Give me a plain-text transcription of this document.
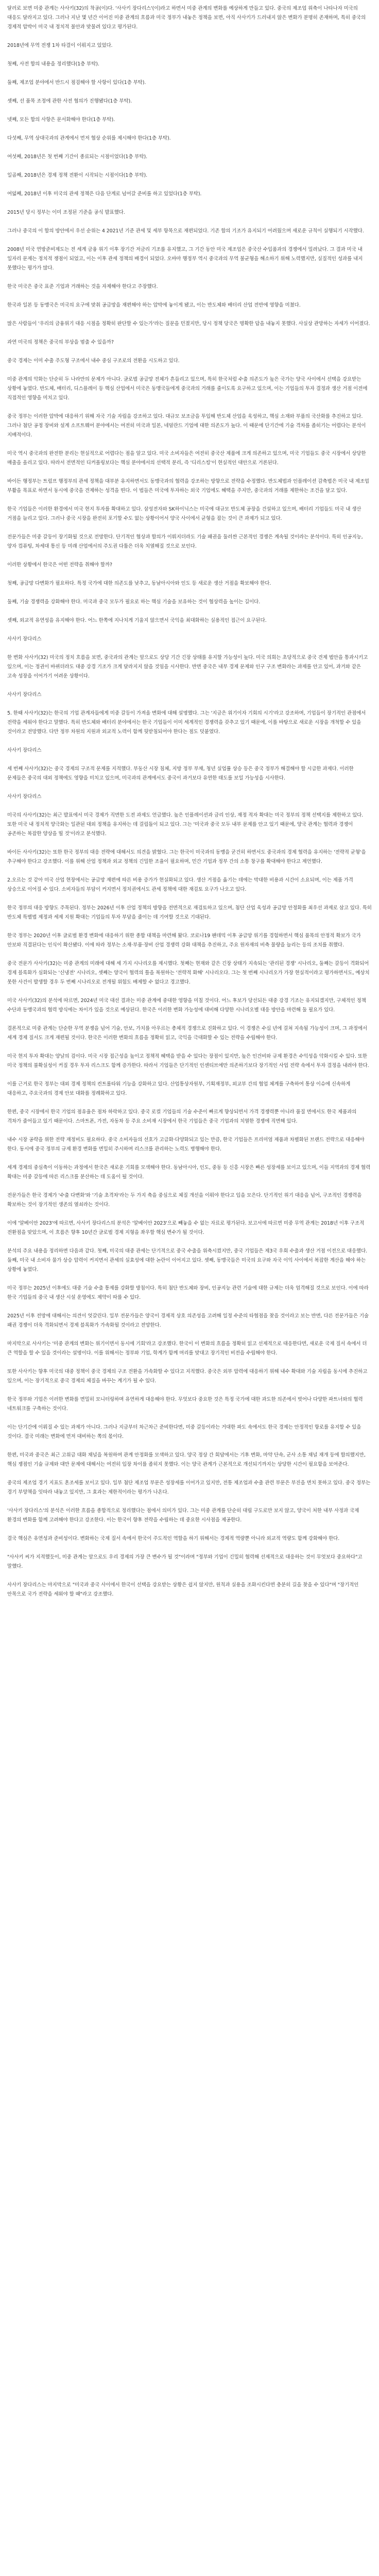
달러로 보면 미중 관계는 사사키(32)의 착공(이)다. '사사키 장다리스'(이)라고 하면서 미중 관계의 변화를 예상하게 만들고 있다. 중국의 제조업 위축이 나타나자 미국의 대응도 달라지고 있다. 그러나 지난 몇 년간 이어진 미중 관계의 흐름과 미국 정부가 내놓은 정책을 보면, 아직 사사키가 드러내지 않은 변화가 분명히 존재하며, 특히 중국의 경제적 압박이 미국 내 정치적 불안과 맞물려 있다고 평가된다.

2018년에 무역 전쟁 1차 타결이 이뤄지고 있었다.

첫째, 사전 합의 내용을 정리했다(1층 부탁).

둘째, 제조업 분야에서 반드시 점검해야 할 사항이 있다(1층 부탁).

셋째, 선 품목 조정에 관한 사전 협의가 진행됐다(1층 부탁).

넷째, 모든 합의 사항은 문서화해야 한다(1층 부탁).

다섯째, 무역 상대국과의 관계에서 먼저 협상 순위를 제시해야 한다(1층 부탁).

여섯째, 2018년은 첫 번째 기간이 종료되는 시점이었다(1층 부탁).

일곱째, 2018년은 경제 정책 전환이 시작되는 시점이다(1층 부탁).

여덟째, 2018년 이후 미국의 관세 정책은 다음 단계로 넘어갈 준비를 하고 있었다(1층 부탁).

2015년 당시 정부는 이미 조정된 기준을 공식 발표했다.

그러나 중국의 이 합의 방안에서 우선 순위는 4 2021년 기준 관세 및 세부 항목으로 재편되었다. 기존 합의 기조가 유지되기 어려웠으며 새로운 규칙이 실행되기 시작했다.

2008년 미국 연방준비제도는 전 세계 금융 위기 이후 장기간 저금리 기조를 유지했고, 그 기간 동안 미국 제조업은 중국산 수입품과의 경쟁에서 밀려났다. 그 결과 미국 내 일자리 문제는 정치적 쟁점이 되었고, 이는 이후 관세 정책의 배경이 되었다. 오바마 행정부 역시 중국과의 무역 불균형을 해소하기 위해 노력했지만, 실질적인 성과를 내지 못했다는 평가가 많다.

한국 미국은 중국 표준 기업과 거래하는 것을 자제해야 한다고 주장했다.

한국과 일본 등 동맹국은 미국의 요구에 맞춰 공급망을 재편해야 하는 압박에 놓이게 됐고, 이는 반도체와 배터리 산업 전반에 영향을 미쳤다.

많은 사람들이 '우리의 금융위기 대응 시점을 정확히 판단할 수 있는가'라는 질문을 던졌지만, 당시 정책 당국은 명확한 답을 내놓지 못했다. 사실상 관망하는 자세가 이어졌다.

과연 미국의 정책은 중국의 부상을 멈출 수 있을까?

중국 경제는 이미 수출 주도형 구조에서 내수 중심 구조로의 전환을 시도하고 있다.

미중 관계의 악화는 단순히 두 나라만의 문제가 아니다. 글로벌 공급망 전체가 흔들리고 있으며, 특히 한국처럼 수출 의존도가 높은 국가는 양국 사이에서 선택을 강요받는 상황에 놓였다. 반도체, 배터리, 디스플레이 등 핵심 산업에서 미국은 동맹국들에게 중국과의 거래를 줄이도록 요구하고 있으며, 이는 기업들의 투자 결정과 생산 거점 이전에 직접적인 영향을 미치고 있다.

중국 정부는 이러한 압박에 대응하기 위해 자국 기술 자립을 강조하고 있다. 대규모 보조금을 투입해 반도체 산업을 육성하고, 핵심 소재와 부품의 국산화를 추진하고 있다. 그러나 첨단 공정 장비와 설계 소프트웨어 분야에서는 여전히 미국과 일본, 네덜란드 기업에 대한 의존도가 높다. 이 때문에 단기간에 기술 격차를 좁히기는 어렵다는 분석이 지배적이다.

미국 역시 중국과의 완전한 분리는 현실적으로 어렵다는 점을 알고 있다. 미국 소비자들은 여전히 중국산 제품에 크게 의존하고 있으며, 미국 기업들도 중국 시장에서 상당한 매출을 올리고 있다. 따라서 전면적인 디커플링보다는 핵심 분야에서의 선택적 분리, 즉 '디리스킹'이 현실적인 대안으로 거론된다.

바이든 행정부는 트럼프 행정부의 관세 정책을 대부분 유지하면서도 동맹국과의 협력을 강조하는 방향으로 전략을 수정했다. 반도체법과 인플레이션 감축법은 미국 내 제조업 부활을 목표로 하면서 동시에 중국을 견제하는 성격을 띤다. 이 법들은 미국에 투자하는 외국 기업에도 혜택을 주지만, 중국과의 거래를 제한하는 조건을 달고 있다.

한국 기업들은 이러한 환경에서 미국 현지 투자를 확대하고 있다. 삼성전자와 SK하이닉스는 미국에 대규모 반도체 공장을 건설하고 있으며, 배터리 기업들도 미국 내 생산 거점을 늘리고 있다. 그러나 중국 시장을 완전히 포기할 수도 없는 상황이어서 양국 사이에서 균형을 잡는 것이 큰 과제가 되고 있다.

전문가들은 미중 갈등이 장기화될 것으로 전망한다. 단기적인 협상과 합의가 이뤄지더라도 기술 패권을 둘러싼 근본적인 경쟁은 계속될 것이라는 분석이다. 특히 인공지능, 양자 컴퓨팅, 차세대 통신 등 미래 산업에서의 주도권 다툼은 더욱 치열해질 것으로 보인다.

이러한 상황에서 한국은 어떤 전략을 취해야 할까?

첫째, 공급망 다변화가 필요하다. 특정 국가에 대한 의존도를 낮추고, 동남아시아와 인도 등 새로운 생산 거점을 확보해야 한다.

둘째, 기술 경쟁력을 강화해야 한다. 미국과 중국 모두가 필요로 하는 핵심 기술을 보유하는 것이 협상력을 높이는 길이다.

셋째, 외교적 유연성을 유지해야 한다. 어느 한쪽에 지나치게 기울지 않으면서 국익을 최대화하는 실용적인 접근이 요구된다.

사사키 장다리스

한 변화 사사키(32) 미국의 정치 흐름을 보면, 중국과의 관계는 앞으로도 상당 기간 긴장 상태를 유지할 가능성이 높다. 미국 의회는 초당적으로 중국 견제 법안을 통과시키고 있으며, 이는 정권이 바뀌더라도 대중 강경 기조가 크게 달라지지 않을 것임을 시사한다. 반면 중국은 내부 경제 문제와 인구 구조 변화라는 과제를 안고 있어, 과거와 같은 고속 성장을 이어가기 어려운 상황이다.

사사키 장다리스

5. 한때 사사키(32)는 한국의 기업 관계자들에게 미중 갈등이 가져올 변화에 대해 설명했다. 그는 '지금은 위기이자 기회의 시기'라고 강조하며, 기업들이 장기적인 관점에서 전략을 세워야 한다고 말했다. 특히 반도체와 배터리 분야에서는 한국 기업들이 이미 세계적인 경쟁력을 갖추고 있기 때문에, 이를 바탕으로 새로운 시장을 개척할 수 있을 것이라고 전망했다. 다만 정부 차원의 지원과 외교적 노력이 함께 뒷받침되어야 한다는 점도 덧붙였다.

사사키 장다리스

세 번째 사사키(32)는 중국 경제의 구조적 문제를 지적했다. 부동산 시장 침체, 지방 정부 부채, 청년 실업률 상승 등은 중국 정부가 해결해야 할 시급한 과제다. 이러한 문제들은 중국의 대외 정책에도 영향을 미치고 있으며, 미국과의 관계에서도 중국이 과거보다 유연한 태도를 보일 가능성을 시사한다.

사사키 장다리스

미국의 사사키(32)는 최근 발표에서 미국 경제가 직면한 도전 과제도 언급했다. 높은 인플레이션과 금리 인상, 재정 적자 확대는 미국 정부의 정책 선택지를 제한하고 있다. 또한 미국 내 정치적 양극화는 일관된 대외 정책을 유지하는 데 걸림돌이 되고 있다. 그는 '미국과 중국 모두 내부 문제를 안고 있기 때문에, 양국 관계는 협력과 경쟁이 공존하는 복잡한 양상을 띨 것'이라고 분석했다.

바이든 사사키(32)는 또한 한국 정부의 대응 전략에 대해서도 의견을 밝혔다. 그는 한국이 미국과의 동맹을 굳건히 하면서도 중국과의 경제 협력을 유지하는 '전략적 균형'을 추구해야 한다고 강조했다. 이를 위해 산업 정책과 외교 정책의 긴밀한 조율이 필요하며, 민간 기업과 정부 간의 소통 창구를 확대해야 한다고 제언했다.

2.오르는 것 같아 미국 산업 현장에서는 공급망 재편에 따른 비용 증가가 현실화되고 있다. 생산 거점을 옮기는 데에는 막대한 비용과 시간이 소요되며, 이는 제품 가격 상승으로 이어질 수 있다. 소비자들의 부담이 커지면서 정치권에서도 관세 정책에 대한 재검토 요구가 나오고 있다.

한국 정부의 대응 방향도 주목된다. 정부는 2026년 이후 산업 정책의 방향을 전면적으로 재검토하고 있으며, 첨단 산업 육성과 공급망 안정화를 최우선 과제로 삼고 있다. 특히 반도체 특별법 제정과 세제 지원 확대는 기업들의 투자 부담을 줄이는 데 기여할 것으로 기대된다.

한국 정부는 2020년 이후 글로벌 환경 변화에 대응하기 위한 종합 대책을 마련해 왔다. 코로나19 팬데믹 이후 공급망 위기를 경험하면서 핵심 품목의 안정적 확보가 국가 안보와 직결된다는 인식이 확산됐다. 이에 따라 정부는 소재·부품·장비 산업 경쟁력 강화 대책을 추진하고, 주요 원자재의 비축 물량을 늘리는 등의 조치를 취했다.

중국 전문가 사사키(32)는 미중 관계의 미래에 대해 세 가지 시나리오를 제시했다. 첫째는 현재와 같은 긴장 상태가 지속되는 '관리된 경쟁' 시나리오, 둘째는 갈등이 격화되어 경제 블록화가 심화되는 '신냉전' 시나리오, 셋째는 양국이 협력의 틀을 복원하는 '전략적 화해' 시나리오다. 그는 첫 번째 시나리오가 가장 현실적이라고 평가하면서도, 예상치 못한 사건이 발생할 경우 두 번째 시나리오로 전개될 위험도 배제할 수 없다고 경고했다.

미국 사사키(32)의 분석에 따르면, 2024년 미국 대선 결과는 미중 관계에 중대한 영향을 미칠 것이다. 어느 후보가 당선되든 대중 강경 기조는 유지되겠지만, 구체적인 정책 수단과 동맹국과의 협력 방식에는 차이가 있을 것으로 예상된다. 한국은 이러한 변화 가능성에 대비해 다양한 시나리오별 대응 방안을 마련해 둘 필요가 있다.

결론적으로 미중 관계는 단순한 무역 분쟁을 넘어 기술, 안보, 가치를 아우르는 총체적 경쟁으로 진화하고 있다. 이 경쟁은 수십 년에 걸쳐 지속될 가능성이 크며, 그 과정에서 세계 경제 질서도 크게 재편될 것이다. 한국은 이러한 변화의 흐름을 정확히 읽고, 국익을 극대화할 수 있는 전략을 수립해야 한다.

미국 현지 투자 확대는 양날의 검이다. 미국 시장 접근성을 높이고 정책적 혜택을 받을 수 있다는 장점이 있지만, 높은 인건비와 규제 환경은 수익성을 악화시킬 수 있다. 또한 미국 정책의 불확실성이 커질 경우 투자 리스크도 함께 증가한다. 따라서 기업들은 단기적인 인센티브에만 의존하기보다 장기적인 사업 전략 속에서 투자 결정을 내려야 한다.

이를 근거로 한국 정부는 대외 경제 정책의 컨트롤타워 기능을 강화하고 있다. 산업통상자원부, 기획재정부, 외교부 간의 협업 체계를 구축하여 통상 이슈에 신속하게 대응하고, 주요국과의 경제 안보 대화를 정례화하고 있다.

한편, 중국 시장에서 한국 기업의 점유율은 점차 하락하고 있다. 중국 로컬 기업들의 기술 수준이 빠르게 향상되면서 가격 경쟁력뿐 아니라 품질 면에서도 한국 제품과의 격차가 줄어들고 있기 때문이다. 스마트폰, 가전, 자동차 등 주요 소비재 시장에서 한국 기업들은 중국 기업과의 치열한 경쟁에 직면해 있다.

내수 시장 공략을 위한 전략 재정비도 필요하다. 중국 소비자들의 선호가 고급화·다양화되고 있는 만큼, 한국 기업들은 프리미엄 제품과 차별화된 브랜드 전략으로 대응해야 한다. 동시에 중국 정부의 규제 환경 변화를 면밀히 주시하며 리스크를 관리하는 노력도 병행해야 한다.

세계 경제의 중심축이 이동하는 과정에서 한국은 새로운 기회를 모색해야 한다. 동남아시아, 인도, 중동 등 신흥 시장은 빠른 성장세를 보이고 있으며, 이들 지역과의 경제 협력 확대는 미중 갈등에 따른 리스크를 분산하는 데 도움이 될 것이다.

전문가들은 한국 경제가 '수출 다변화'와 '기술 초격차'라는 두 가지 축을 중심으로 체질 개선을 이뤄야 한다고 입을 모은다. 단기적인 위기 대응을 넘어, 구조적인 경쟁력을 확보하는 것이 장기적인 생존의 열쇠라는 것이다.

이에 '알베이안 2023'에 따르면, 사사키 장다리스의 분석은 '알베이안 2023'으로 빼놓을 수 없는 자료로 평가된다. 보고서에 따르면 미중 무역 관계는 2018년 이후 구조적 전환점을 맞았으며, 이 흐름은 향후 10년간 글로벌 경제 지형을 좌우할 핵심 변수가 될 것이다.

분석의 주요 내용을 정리하면 다음과 같다. 첫째, 미국의 대중 관세는 단기적으로 중국 수출을 위축시켰지만, 중국 기업들은 제3국 우회 수출과 생산 거점 이전으로 대응했다. 둘째, 미국 내 소비자 물가 상승 압력이 커지면서 관세의 실효성에 대한 논란이 이어지고 있다. 셋째, 동맹국들은 미국의 요구와 자국 이익 사이에서 복잡한 계산을 해야 하는 상황에 놓였다.

미국 정부는 2025년 이후에도 대중 기술 수출 통제를 강화할 방침이다. 특히 첨단 반도체와 장비, 인공지능 관련 기술에 대한 규제는 더욱 엄격해질 것으로 보인다. 이에 따라 한국 기업들의 중국 내 생산 시설 운영에도 제약이 따를 수 있다.

2025년 이후 전망에 대해서는 의견이 엇갈린다. 일부 전문가들은 양국이 경제적 상호 의존성을 고려해 일정 수준의 타협점을 찾을 것이라고 보는 반면, 다른 전문가들은 기술 패권 경쟁이 더욱 격화되면서 경제 블록화가 가속화될 것이라고 전망한다.

마지막으로 사사키는 '미중 관계의 변화는 위기이면서 동시에 기회'라고 강조했다. 한국이 이 변화의 흐름을 정확히 읽고 선제적으로 대응한다면, 새로운 국제 질서 속에서 더 큰 역할을 할 수 있을 것이라는 설명이다. 이를 위해서는 정부와 기업, 학계가 함께 머리를 맞대고 장기적인 비전을 수립해야 한다.

또한 사사키는 향후 미국의 대중 정책이 중국 경제의 구조 전환을 가속화할 수 있다고 지적했다. 중국은 외부 압력에 대응하기 위해 내수 확대와 기술 자립을 동시에 추진하고 있으며, 이는 장기적으로 중국 경제의 체질을 바꾸는 계기가 될 수 있다.

한국 정부와 기업은 이러한 변화를 면밀히 모니터링하며 유연하게 대응해야 한다. 무엇보다 중요한 것은 특정 국가에 대한 과도한 의존에서 벗어나 다양한 파트너와의 협력 네트워크를 구축하는 것이다.

이는 단기간에 이뤄질 수 있는 과제가 아니다. 그러나 지금부터 차근차근 준비한다면, 미중 갈등이라는 거대한 파도 속에서도 한국 경제는 안정적인 항로를 유지할 수 있을 것이다. 결국 미래는 변화에 먼저 대비하는 쪽의 몫이다.

한편, 미국과 중국은 최근 고위급 대화 채널을 복원하며 관계 안정화를 모색하고 있다. 양국 정상 간 회담에서는 기후 변화, 마약 단속, 군사 소통 채널 재개 등에 합의했지만, 핵심 쟁점인 기술 규제와 대만 문제에 대해서는 여전히 입장 차이를 좁히지 못했다. 이는 양국 관계가 근본적으로 개선되기까지는 상당한 시간이 필요함을 보여준다.

중국의 제조업 경기 지표도 혼조세를 보이고 있다. 일부 첨단 제조업 부문은 성장세를 이어가고 있지만, 전통 제조업과 수출 관련 부문은 부진을 면치 못하고 있다. 중국 정부는 경기 부양책을 잇따라 내놓고 있지만, 그 효과는 제한적이라는 평가가 나온다.

'사사키 장다리스'의 분석은 이러한 흐름을 종합적으로 정리했다는 점에서 의미가 있다. 그는 미중 관계를 단순히 대립 구도로만 보지 않고, 양국이 처한 내부 사정과 국제 환경의 변화를 함께 고려해야 한다고 강조한다. 이는 한국이 향후 전략을 수립하는 데 중요한 시사점을 제공한다.

결국 핵심은 유연성과 준비성이다. 변화하는 국제 질서 속에서 한국이 주도적인 역할을 하기 위해서는 경제적 역량뿐 아니라 외교적 역량도 함께 강화해야 한다.

"사사키 씨가 지적했듯이, 미중 관계는 앞으로도 우리 경제의 가장 큰 변수가 될 것"이라며 "정부와 기업이 긴밀히 협력해 선제적으로 대응하는 것이 무엇보다 중요하다"고 말했다.

사사키 장다리스는 마지막으로 "미국과 중국 사이에서 한국이 선택을 강요받는 상황은 쉽지 않지만, 원칙과 실용을 조화시킨다면 충분히 길을 찾을 수 있다"며 "장기적인 안목으로 국가 전략을 세워야 할 때"라고 강조했다.
